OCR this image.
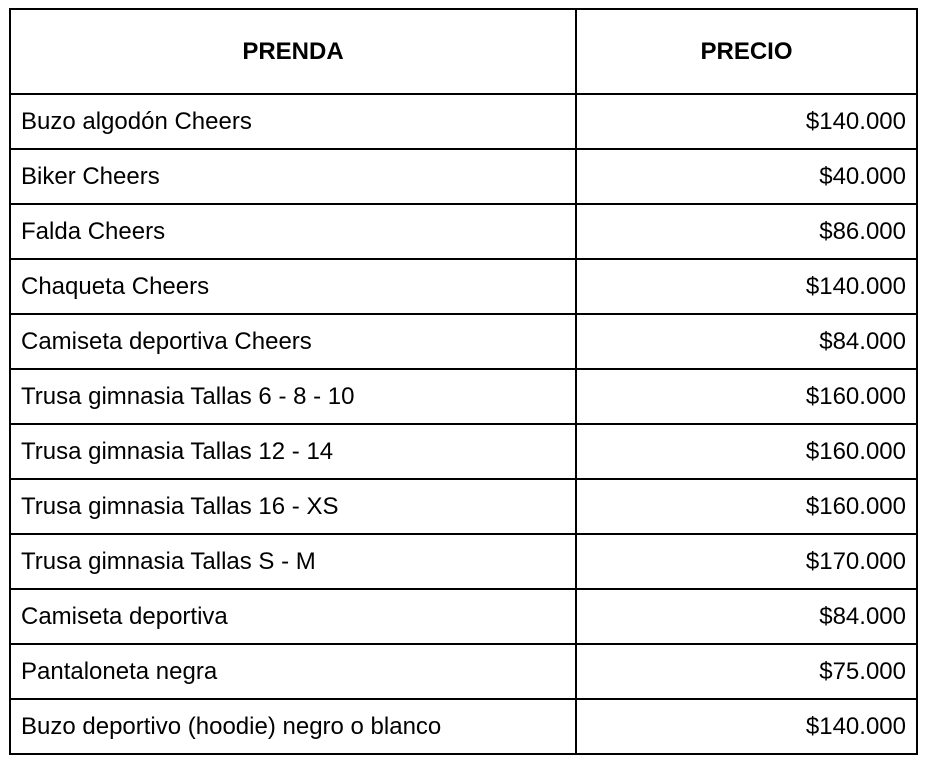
PRENDA	PRECIO
Buzo algodón Cheers	$140.000
Biker Cheers	$40.000
Falda Cheers	$86.000
Chaqueta Cheers	$140.000
Camiseta deportiva Cheers	$84.000
Trusa gimnasia Tallas 6 - 8 - 10	$160.000
Trusa gimnasia Tallas 12 - 14	$160.000
Trusa gimnasia Tallas 16 - XS	$160.000
Trusa gimnasia Tallas S - M	$170.000
Camiseta deportiva	$84.000
Pantaloneta negra	$75.000
Buzo deportivo (hoodie) negro o blanco	$140.000
